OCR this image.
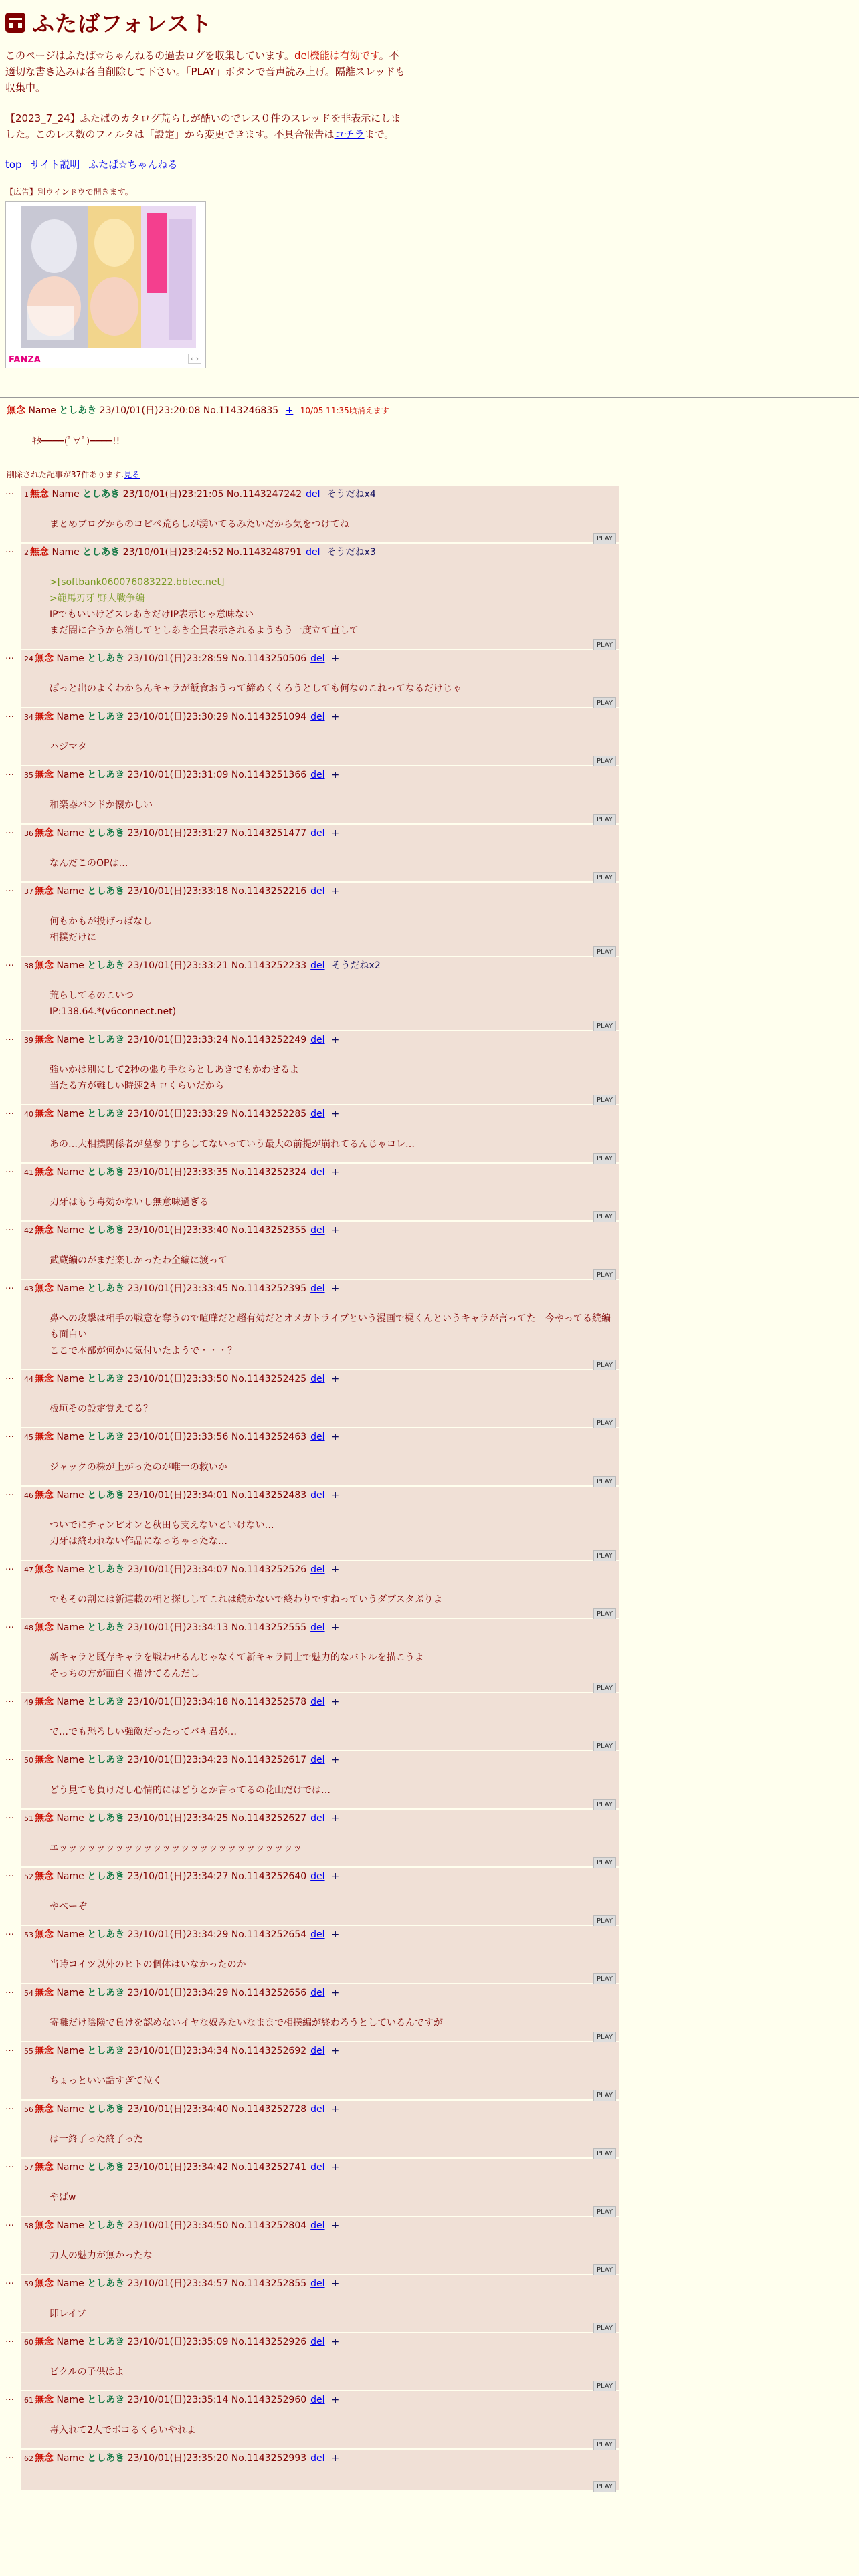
ふたばフォレスト

このページはふたば☆ちゃんねるの過去ログを収集しています。del機能は有効です。不適切な書き込みは各自削除して下さい。「PLAY」ボタンで音声読み上げ。隔離スレッドも収集中。

【2023_7_24】ふたばのカタログ荒らしが酷いのでレス０件のスレッドを非表示にしました。このレス数のフィルタは「設定」から変更できます。不具合報告はコチラまで。

top サイト説明 ふたば☆ちゃんねる
【広告】別ウインドウで開きます。
FANZA	‹ ›
無念 Name としあき 23/10/01(日)23:20:08 No.1143246835 + 10/05 11:35頃消えます
ｷﾀ━━━━(ﾟ∀ﾟ)━━━━!!
削除された記事が37件あります.見る
…	1 無念 Name としあき 23/10/01(日)23:21:05 No.1143247242 del そうだねx4
まとめブログからのコピペ荒らしが湧いてるみたいだから気をつけてね
PLAY
…	2 無念 Name としあき 23/10/01(日)23:24:52 No.1143248791 del そうだねx3
>[softbank060076083222.bbtec.net]
>範馬刃牙 野人戦争編
IPでもいいけどスレあきだけIP表示じゃ意味ない
まだ闇に合うから消してとしあき全員表示されるようもう一度立て直して
PLAY
…	24 無念 Name としあき 23/10/01(日)23:28:59 No.1143250506 del +
ぽっと出のよくわからんキャラが飯食おうって締めくくろうとしても何なのこれってなるだけじゃ
PLAY
…	34 無念 Name としあき 23/10/01(日)23:30:29 No.1143251094 del +
ハジマタ
PLAY
…	35 無念 Name としあき 23/10/01(日)23:31:09 No.1143251366 del +
和楽器バンドか懐かしい
PLAY
…	36 無念 Name としあき 23/10/01(日)23:31:27 No.1143251477 del +
なんだこのOPは…
PLAY
…	37 無念 Name としあき 23/10/01(日)23:33:18 No.1143252216 del +
何もかもが投げっぱなし
相撲だけに
PLAY
…	38 無念 Name としあき 23/10/01(日)23:33:21 No.1143252233 del そうだねx2
荒らしてるのこいつ
IP:138.64.*(v6connect.net)
PLAY
…	39 無念 Name としあき 23/10/01(日)23:33:24 No.1143252249 del +
強いかは別にして2秒の張り手ならとしあきでもかわせるよ
当たる方が難しい時速2キロくらいだから
PLAY
…	40 無念 Name としあき 23/10/01(日)23:33:29 No.1143252285 del +
あの…大相撲関係者が墓参りすらしてないっていう最大の前提が崩れてるんじゃコレ…
PLAY
…	41 無念 Name としあき 23/10/01(日)23:33:35 No.1143252324 del +
刃牙はもう毒効かないし無意味過ぎる
PLAY
…	42 無念 Name としあき 23/10/01(日)23:33:40 No.1143252355 del +
武蔵編のがまだ楽しかったわ全編に渡って
PLAY
…	43 無念 Name としあき 23/10/01(日)23:33:45 No.1143252395 del +
鼻への攻撃は相手の戦意を奪うので喧嘩だと超有効だとオメガトライブという漫画で梶くんというキャラが言ってた　今やってる続編も面白い
ここで本部が何かに気付いたようで・・・？
PLAY
…	44 無念 Name としあき 23/10/01(日)23:33:50 No.1143252425 del +
板垣その設定覚えてる？
PLAY
…	45 無念 Name としあき 23/10/01(日)23:33:56 No.1143252463 del +
ジャックの株が上がったのが唯一の救いか
PLAY
…	46 無念 Name としあき 23/10/01(日)23:34:01 No.1143252483 del +
ついでにチャンピオンと秋田も支えないといけない…
刃牙は終われない作品になっちゃったな…
PLAY
…	47 無念 Name としあき 23/10/01(日)23:34:07 No.1143252526 del +
でもその割には新連載の相と探ししてこれは続かないで終わりですねっていうダブスタぶりよ
PLAY
…	48 無念 Name としあき 23/10/01(日)23:34:13 No.1143252555 del +
新キャラと既存キャラを戦わせるんじゃなくて新キャラ同士で魅力的なバトルを描こうよ
そっちの方が面白く描けてるんだし
PLAY
…	49 無念 Name としあき 23/10/01(日)23:34:18 No.1143252578 del +
で…でも恐ろしい強敵だったってバキ君が…
PLAY
…	50 無念 Name としあき 23/10/01(日)23:34:23 No.1143252617 del +
どう見ても負けだし心情的にはどうとか言ってるの花山だけでは…
PLAY
…	51 無念 Name としあき 23/10/01(日)23:34:25 No.1143252627 del +
エッッッッッッッッッッッッッッッッッッッッッッッッッッ
PLAY
…	52 無念 Name としあき 23/10/01(日)23:34:27 No.1143252640 del +
やべーぞ
PLAY
…	53 無念 Name としあき 23/10/01(日)23:34:29 No.1143252654 del +
当時コイツ以外のヒトの個体はいなかったのか
PLAY
…	54 無念 Name としあき 23/10/01(日)23:34:29 No.1143252656 del +
寄囃だけ陰険で負けを認めないイヤな奴みたいなままで相撲編が終わろうとしているんですが
PLAY
…	55 無念 Name としあき 23/10/01(日)23:34:34 No.1143252692 del +
ちょっといい話すぎて泣く
PLAY
…	56 無念 Name としあき 23/10/01(日)23:34:40 No.1143252728 del +
は一終了った終了った
PLAY
…	57 無念 Name としあき 23/10/01(日)23:34:42 No.1143252741 del +
やばw
PLAY
…	58 無念 Name としあき 23/10/01(日)23:34:50 No.1143252804 del +
力人の魅力が無かったな
PLAY
…	59 無念 Name としあき 23/10/01(日)23:34:57 No.1143252855 del +
即レイプ
PLAY
…	60 無念 Name としあき 23/10/01(日)23:35:09 No.1143252926 del +
ビクルの子供はよ
PLAY
…	61 無念 Name としあき 23/10/01(日)23:35:14 No.1143252960 del +
毒入れて2人でボコるくらいやれよ
PLAY
…	62 無念 Name としあき 23/10/01(日)23:35:20 No.1143252993 del +
PLAY
